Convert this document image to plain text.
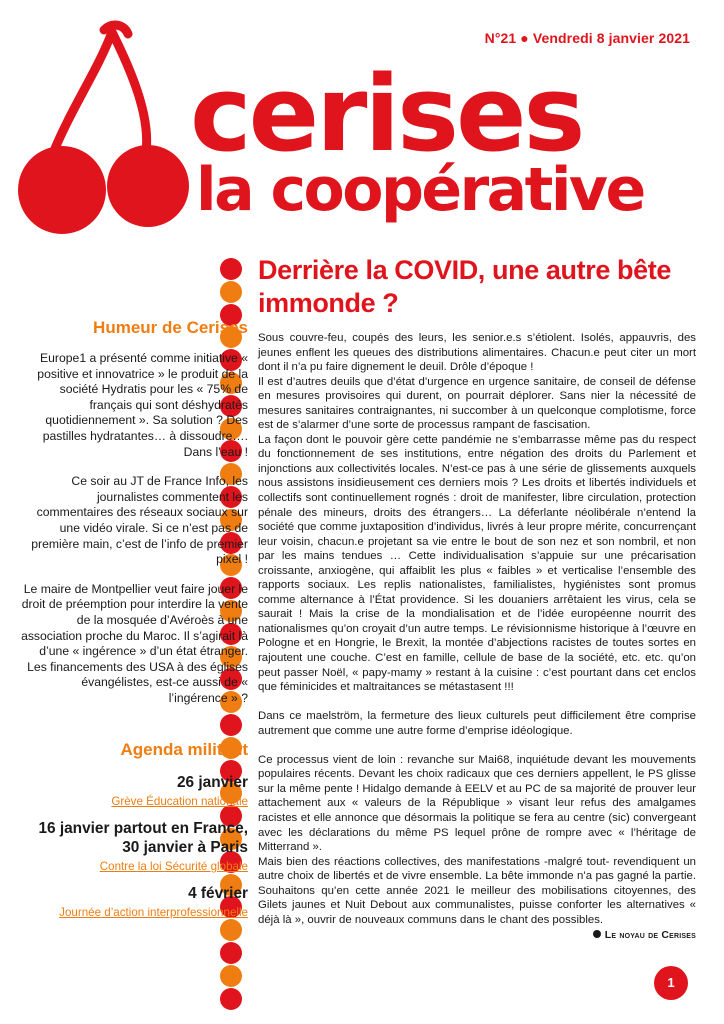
N°21 ● Vendredi 8 janvier 2021
cerises
la coopérative
Humeur de Cerises

Europe1 a présenté comme initiative « positive et innovatrice » le produit de la société Hydratis pour les « 75% de français qui sont déshydratés quotidiennement ». Sa solution ? Des pastilles hydratantes… à dissoudre…. Dans l’eau !

Ce soir au JT de France Info, les journalistes commentent les commentaires des réseaux sociaux sur une vidéo virale. Si ce n’est pas de première main, c’est de l’info de premier pixel !

Le maire de Montpellier veut faire jouer le droit de préemption pour interdire la vente de la mosquée d’Avéroès à une association proche du Maroc. Il s’agirait là d’une « ingérence » d’un état étranger. Les financements des USA à des églises évangélistes, est-ce aussi de « l’ingérence » ?

Agenda militant
26 janvier
Grève Éducation nationale
16 janvier partout en France, 30 janvier à Paris
Contre la loi Sécurité globale
4 février
Journée d’action interprofessionnelle
Derrière la COVID, une autre bête immonde ?

Sous couvre-feu, coupés des leurs, les senior.e.s s’étiolent. Isolés, appauvris, des jeunes enflent les queues des distributions alimentaires. Chacun.e peut citer un mort dont il n’a pu faire dignement le deuil. Drôle d’époque !

Il est d’autres deuils que d’état d’urgence en urgence sanitaire, de conseil de défense en mesures provisoires qui durent, on pourrait déplorer. Sans nier la nécessité de mesures sanitaires contraignantes, ni succomber à un quelconque complotisme, force est de s’alarmer d’une sorte de processus rampant de fascisation.

La façon dont le pouvoir gère cette pandémie ne s’embarrasse même pas du respect du fonctionnement de ses institutions, entre négation des droits du Parlement et injonctions aux collectivités locales. N’est-ce pas à une série de glissements auxquels nous assistons insidieusement ces derniers mois ? Les droits et libertés individuels et collectifs sont continuellement rognés : droit de manifester, libre circulation, protection pénale des mineurs, droits des étrangers… La déferlante néolibérale n’entend la société que comme juxtaposition d’individus, livrés à leur propre mérite, concurrençant leur voisin, chacun.e projetant sa vie entre le bout de son nez et son nombril, et non par les mains tendues … Cette individualisation s’appuie sur une précarisation croissante, anxiogène, qui affaiblit les plus « faibles » et verticalise l’ensemble des rapports sociaux. Les replis nationalistes, familialistes, hygiénistes sont promus comme alternance à l’État providence. Si les douaniers arrêtaient les virus, cela se saurait ! Mais la crise de la mondialisation et de l’idée européenne nourrit des nationalismes qu’on croyait d’un autre temps. Le révisionnisme historique à l’œuvre en Pologne et en Hongrie, le Brexit, la montée d’abjections racistes de toutes sortes en rajoutent une couche. C’est en famille, cellule de base de la société, etc. etc. qu’on peut passer Noël, « papy-mamy » restant à la cuisine : c’est pourtant dans cet enclos que féminicides et maltraitances se métastasent !!!

Dans ce maelström, la fermeture des lieux culturels peut difficilement être comprise autrement que comme une autre forme d’emprise idéologique.

Ce processus vient de loin : revanche sur Mai68, inquiétude devant les mouvements populaires récents. Devant les choix radicaux que ces derniers appellent, le PS glisse sur la même pente ! Hidalgo demande à EELV et au PC de sa majorité de prouver leur attachement aux « valeurs de la République » visant leur refus des amalgames racistes et elle annonce que désormais la politique se fera au centre (sic) convergeant avec les déclarations du même PS lequel prône de rompre avec « l’héritage de Mitterrand ».

Mais bien des réactions collectives, des manifestations -malgré tout- revendiquent un autre choix de libertés et de vivre ensemble. La bête immonde n’a pas gagné la partie. Souhaitons qu’en cette année 2021 le meilleur des mobilisations citoyennes, des Gilets jaunes et Nuit Debout aux communalistes, puisse conforter les alternatives « déjà là », ouvrir de nouveaux communs dans le chant des possibles.

Le noyau de Cerises
1
